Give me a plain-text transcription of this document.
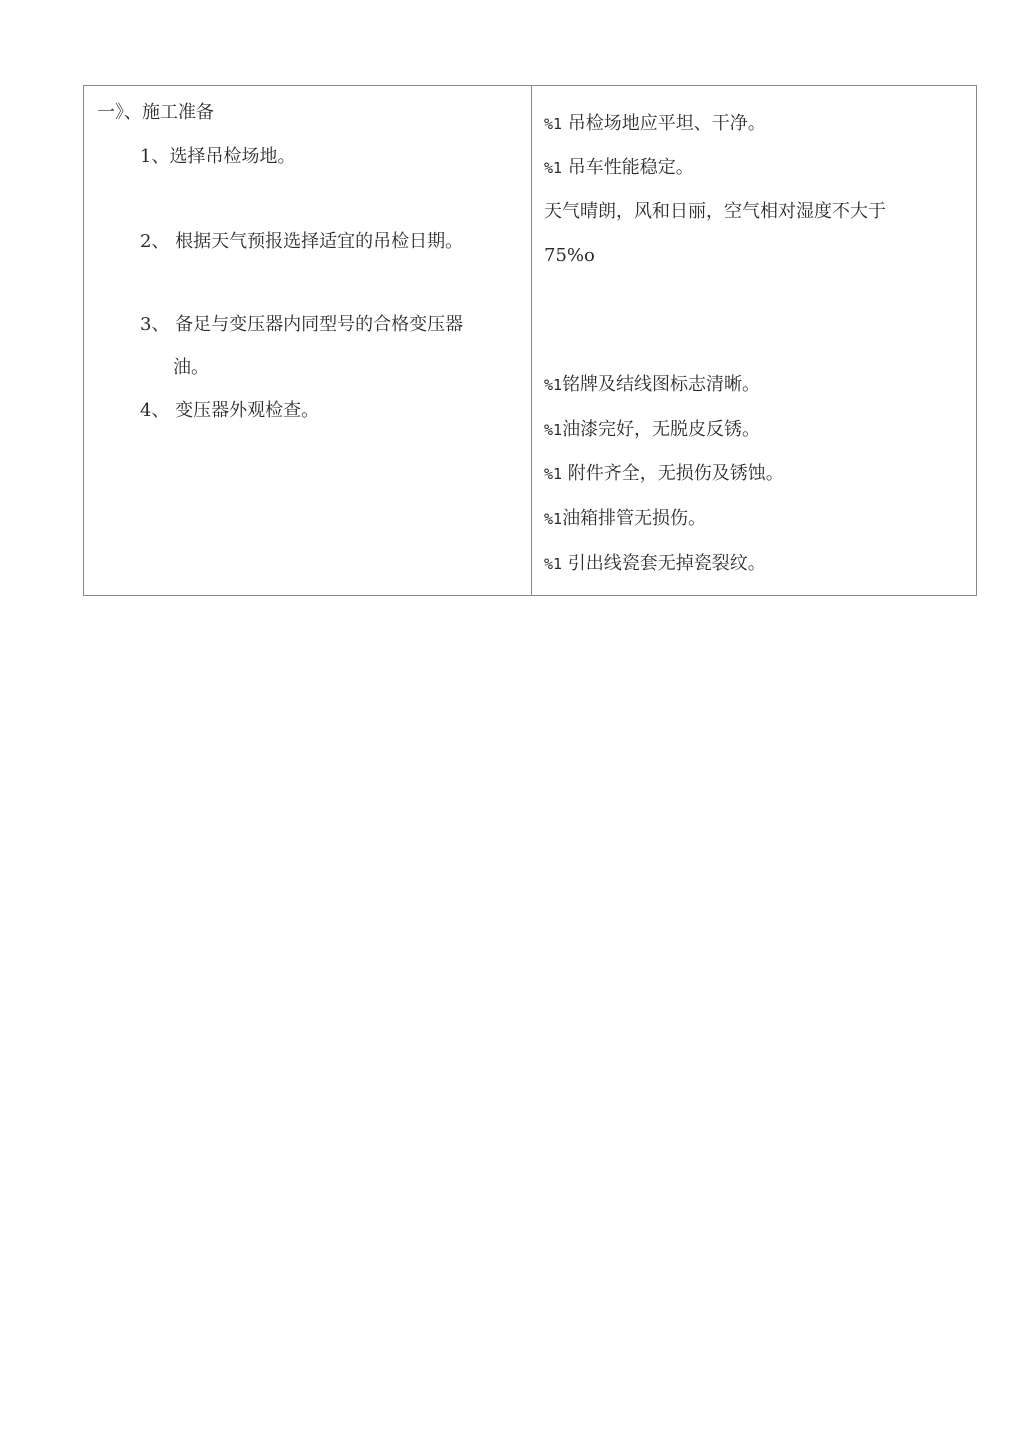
一》、施工准备
1、选择吊检场地。
2、 根据天气预报选择适宜的吊检日期。
3、 备足与变压器内同型号的合格变压器
油。
4、 变压器外观检查。
%1 吊检场地应平坦、干净。
%1 吊车性能稳定。
天气晴朗，风和日丽，空气相对湿度不大于
75%o
%1铭牌及结线图标志清晰。
%1油漆完好，无脱皮反锈。
%1 附件齐全，无损伤及锈蚀。
%1油箱排管无损伤。
%1 引出线瓷套无掉瓷裂纹。
